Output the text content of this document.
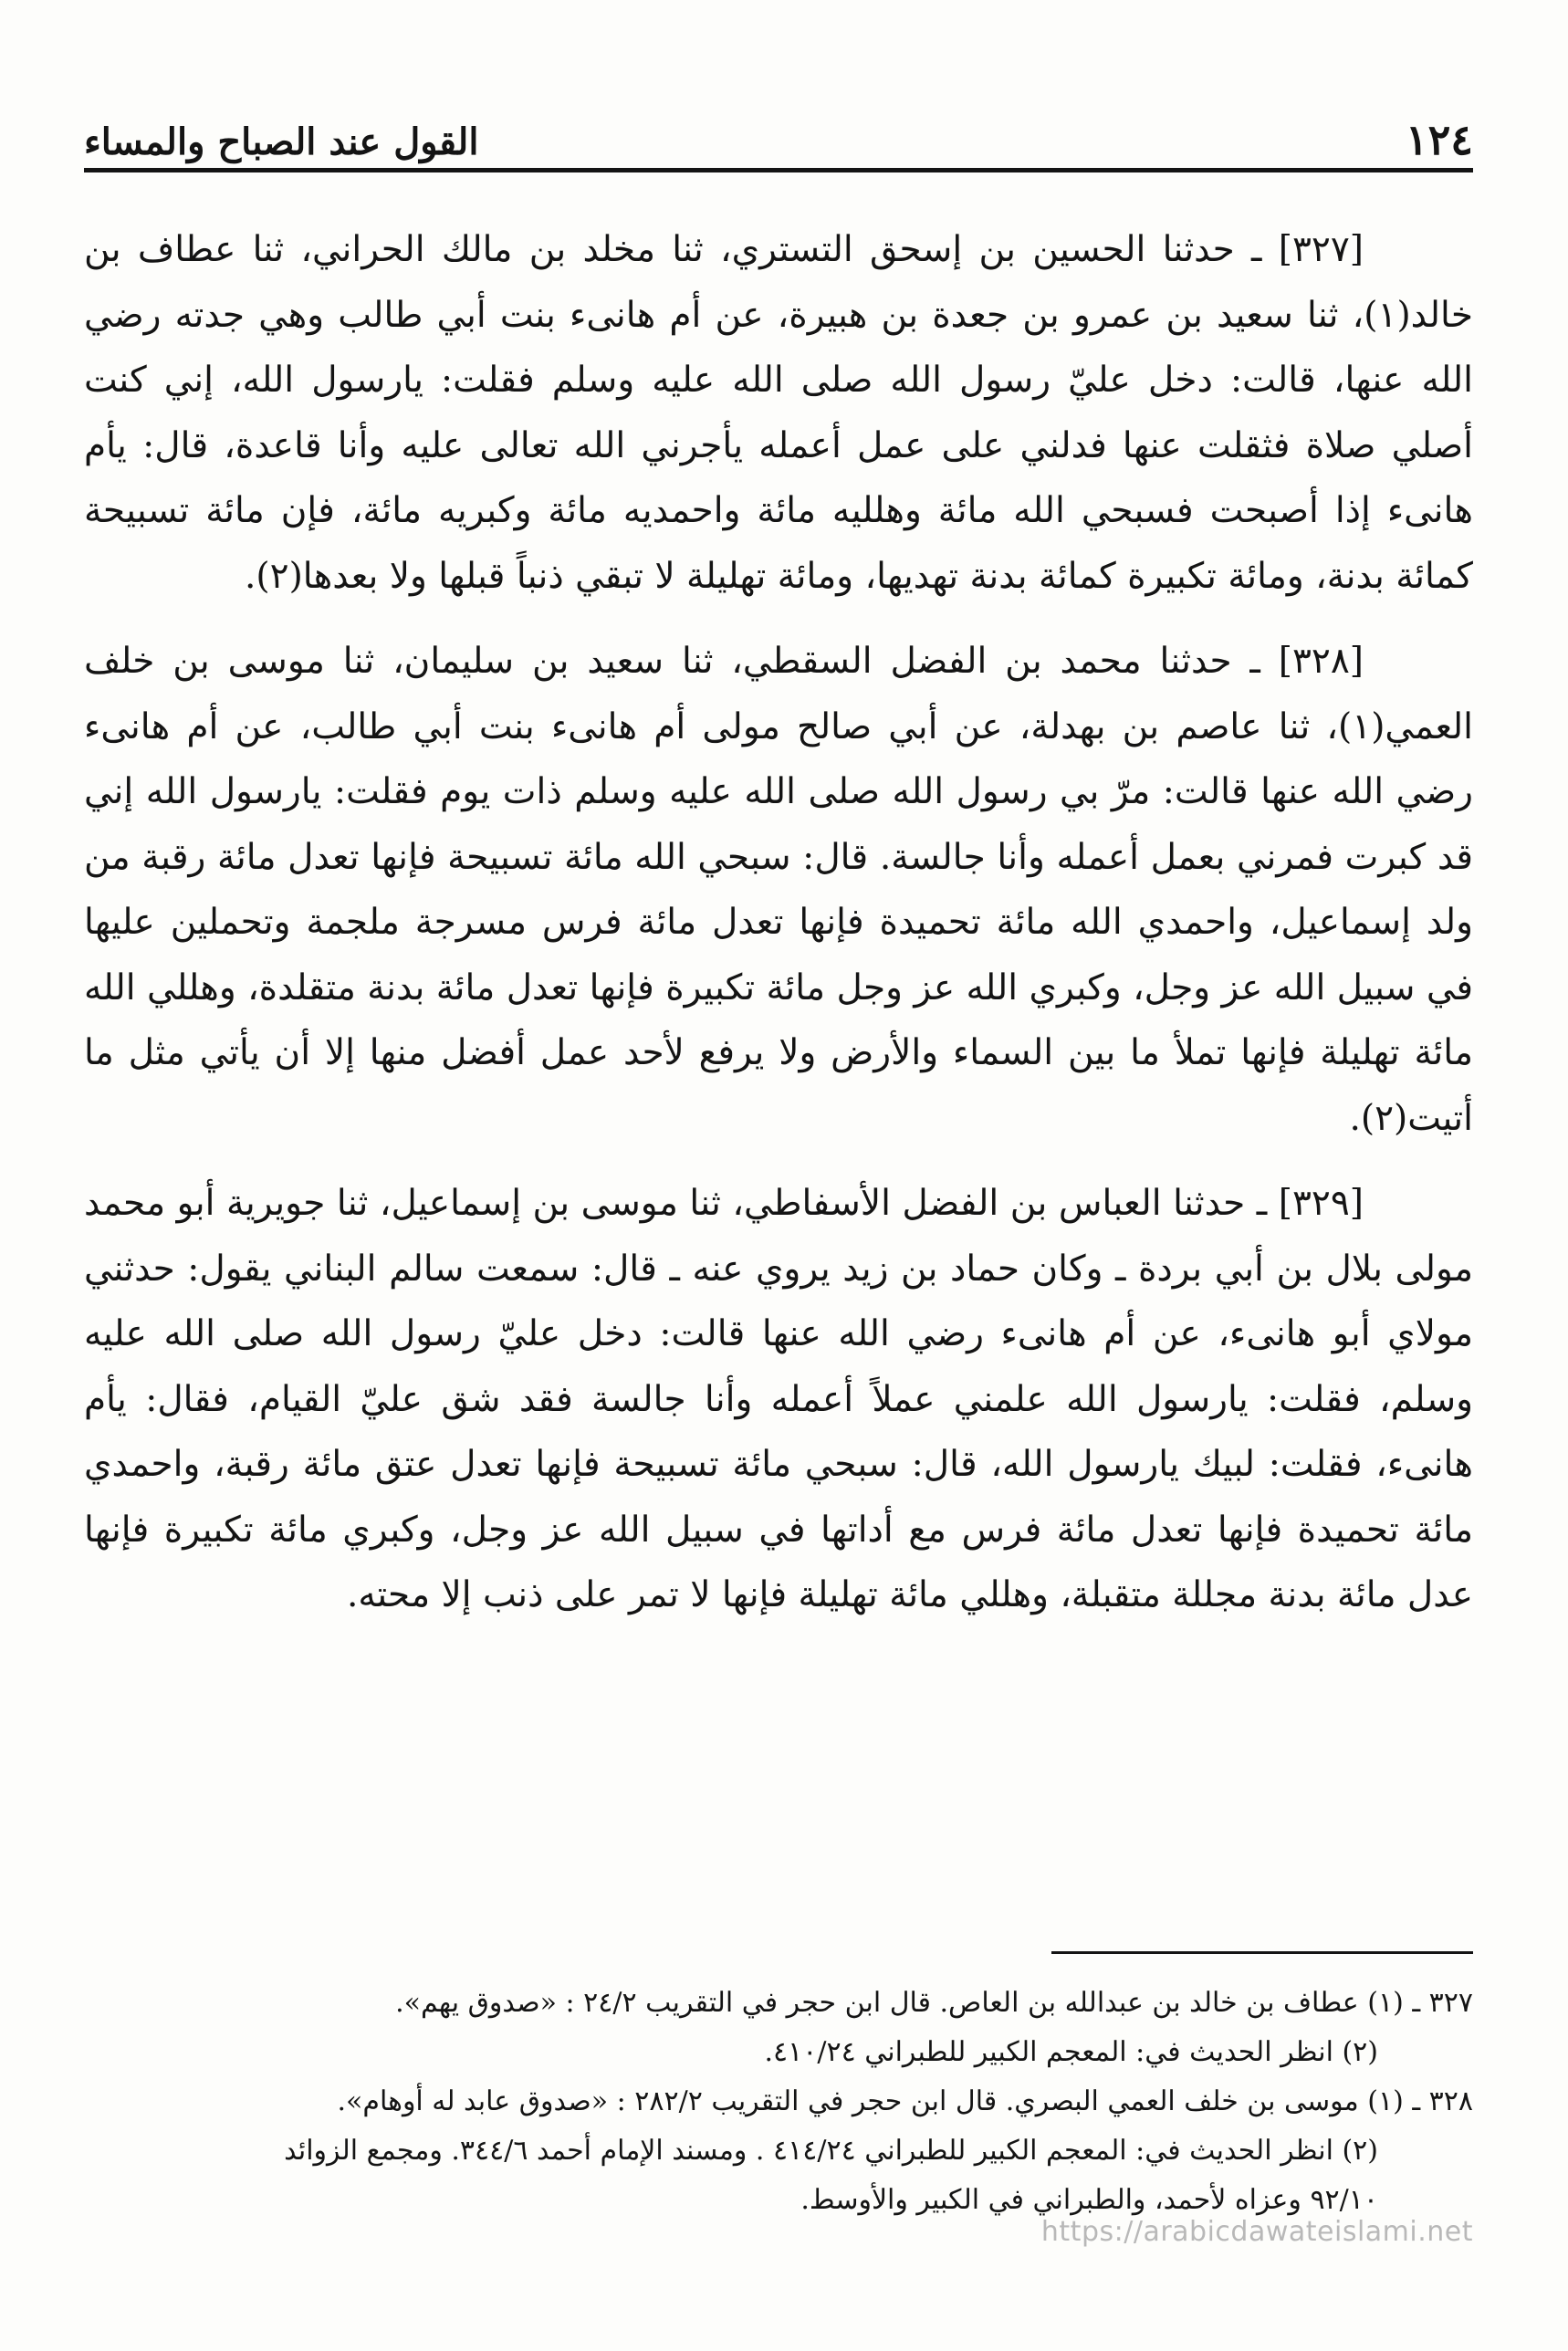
١٢٤
القول عند الصباح والمساء

[٣٢٧] ـ حدثنا الحسين بن إسحق التستري، ثنا مخلد بن مالك الحراني، ثنا عطاف بن خالد(١)، ثنا سعيد بن عمرو بن جعدة بن هبيرة، عن أم هانىء بنت أبي طالب وهي جدته رضي الله عنها، قالت: دخل عليّ رسول الله صلى الله عليه وسلم فقلت: يارسول الله، إني كنت أصلي صلاة فثقلت عنها فدلني على عمل أعمله يأجرني الله تعالى عليه وأنا قاعدة، قال: يأم هانىء إذا أصبحت فسبحي الله مائة وهلليه مائة واحمديه مائة وكبريه مائة، فإن مائة تسبيحة كمائة بدنة، ومائة تكبيرة كمائة بدنة تهديها، ومائة تهليلة لا تبقي ذنباً قبلها ولا بعدها(٢).

[٣٢٨] ـ حدثنا محمد بن الفضل السقطي، ثنا سعيد بن سليمان، ثنا موسى بن خلف العمي(١)، ثنا عاصم بن بهدلة، عن أبي صالح مولى أم هانىء بنت أبي طالب، عن أم هانىء رضي الله عنها قالت: مرّ بي رسول الله صلى الله عليه وسلم ذات يوم فقلت: يارسول الله إني قد كبرت فمرني بعمل أعمله وأنا جالسة. قال: سبحي الله مائة تسبيحة فإنها تعدل مائة رقبة من ولد إسماعيل، واحمدي الله مائة تحميدة فإنها تعدل مائة فرس مسرجة ملجمة وتحملين عليها في سبيل الله عز وجل، وكبري الله عز وجل مائة تكبيرة فإنها تعدل مائة بدنة متقلدة، وهللي الله مائة تهليلة فإنها تملأ ما بين السماء والأرض ولا يرفع لأحد عمل أفضل منها إلا أن يأتي مثل ما أتيت(٢).

[٣٢٩] ـ حدثنا العباس بن الفضل الأسفاطي، ثنا موسى بن إسماعيل، ثنا جويرية أبو محمد مولى بلال بن أبي بردة ـ وكان حماد بن زيد يروي عنه ـ قال: سمعت سالم البناني يقول: حدثني مولاي أبو هانىء، عن أم هانىء رضي الله عنها قالت: دخل عليّ رسول الله صلى الله عليه وسلم، فقلت: يارسول الله علمني عملاً أعمله وأنا جالسة فقد شق عليّ القيام، فقال: يأم هانىء، فقلت: لبيك يارسول الله، قال: سبحي مائة تسبيحة فإنها تعدل عتق مائة رقبة، واحمدي مائة تحميدة فإنها تعدل مائة فرس مع أداتها في سبيل الله عز وجل، وكبري مائة تكبيرة فإنها عدل مائة بدنة مجللة متقبلة، وهللي مائة تهليلة فإنها لا تمر على ذنب إلا محته.

٣٢٧ ـ (١) عطاف بن خالد بن عبدالله بن العاص. قال ابن حجر في التقريب ٢٤/٢ : «صدوق يهم».

(٢) انظر الحديث في: المعجم الكبير للطبراني ٤١٠/٢٤.

٣٢٨ ـ (١) موسى بن خلف العمي البصري. قال ابن حجر في التقريب ٢٨٢/٢ : «صدوق عابد له أوهام».

(٢) انظر الحديث في: المعجم الكبير للطبراني ٤١٤/٢٤ . ومسند الإمام أحمد ٣٤٤/٦. ومجمع الزوائد

٩٢/١٠ وعزاه لأحمد، والطبراني في الكبير والأوسط.

https://arabicdawateislami.net
